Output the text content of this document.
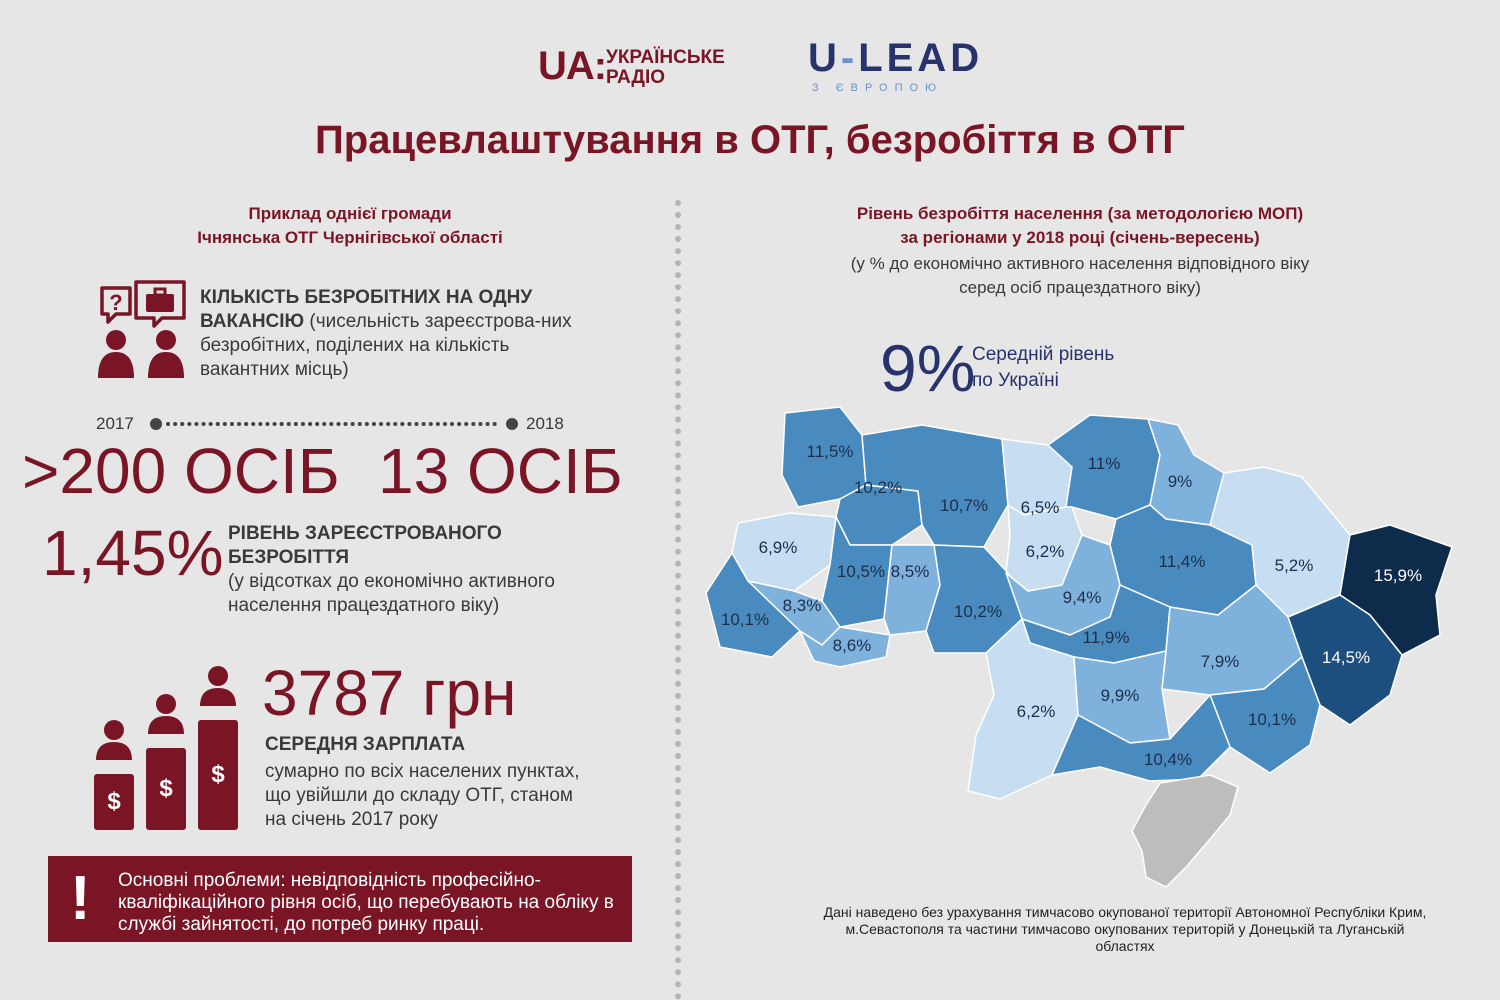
UA: УКРАЇНСЬКЕ
РАДІО	U-LEAD
З ЄВРОПОЮ
Працевлаштування в ОТГ, безробіття в ОТГ
Приклад однієї громади
Ічнянська ОТГ Чернігівської області
?	КІЛЬКІСТЬ БЕЗРОБІТНИХ НА ОДНУ ВАКАНСІЮ (чисельність зареєстрова-них безробітних, поділених на кількість вакантних місць)
2017	2018
>200 ОСІБ 13 ОСІБ
1,45% РІВЕНЬ ЗАРЕЄСТРОВАНОГО БЕЗРОБІТТЯ
(у відсотках до економічно активного населення працездатного віку)
$ $
$
3787 грн
СЕРЕДНЯ ЗАРПЛАТА
сумарно по всіх населених пунктах, що увійшли до складу ОТГ, станом на січень 2017 року
! Основні проблеми: невідповідність професійно-кваліфікаційного рівня осіб, що перебувають на обліку в службі зайнятості, до потреб ринку праці.
Рівень безробіття населення (за методологією МОП)
за регіонами у 2018 році (січень-вересень)
(у % до економічно активного населення відповідного віку
серед осіб працездатного віку)
9%
Середній рівень
по Україні
11,5%
10,2%
10,7% 6,5%
11%
9%
6,9%
10,5% 8,5%
6,2%
11,4%	5,2%
15,9%
10,1%
8,3%	10,2%
9,4%
8,6%	11,9%
14,5%
7,9%
6,2%
9,9%
10,1%
10,4%
Дані наведено без урахування тимчасово окупованої території Автономної Республіки Крим, м.Севастополя та частини тимчасово окупованих територій у Донецькій та Луганській областях
